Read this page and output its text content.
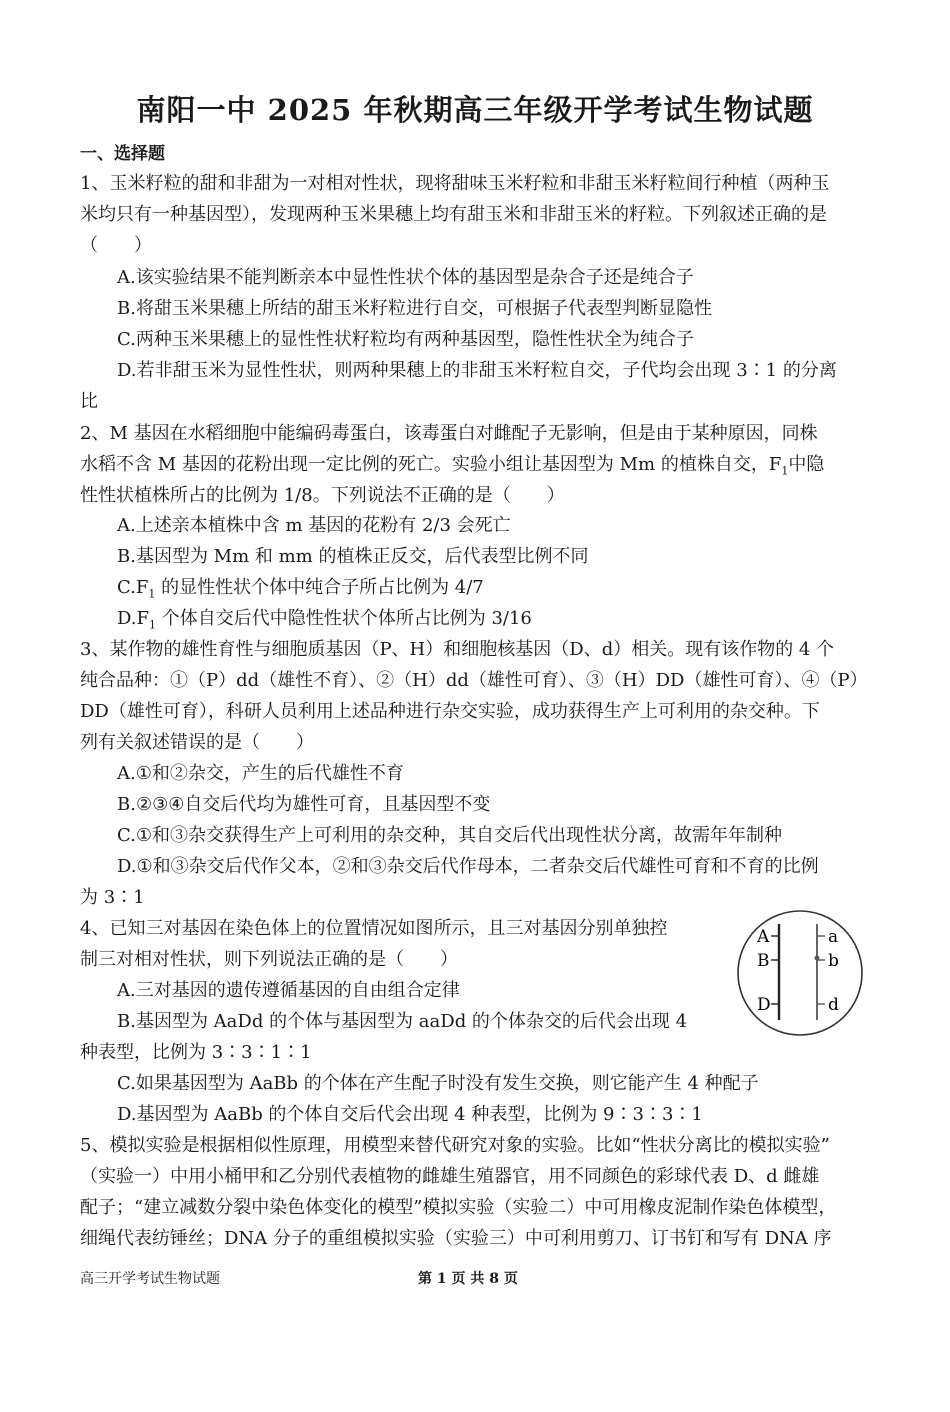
南阳一中 2025 年秋期高三年级开学考试生物试题
一、选择题
1、玉米籽粒的甜和非甜为一对相对性状，现将甜味玉米籽粒和非甜玉米籽粒间行种植（两种玉
米均只有一种基因型），发现两种玉米果穗上均有甜玉米和非甜玉米的籽粒。下列叙述正确的是
（　　）
A.该实验结果不能判断亲本中显性性状个体的基因型是杂合子还是纯合子
B.将甜玉米果穗上所结的甜玉米籽粒进行自交，可根据子代表型判断显隐性
C.两种玉米果穗上的显性性状籽粒均有两种基因型，隐性性状全为纯合子
D.若非甜玉米为显性性状，则两种果穗上的非甜玉米籽粒自交，子代均会出现 3∶1 的分离
比
2、M 基因在水稻细胞中能编码毒蛋白，该毒蛋白对雌配子无影响，但是由于某种原因，同株
水稻不含 M 基因的花粉出现一定比例的死亡。实验小组让基因型为 Mm 的植株自交，$F_1$中隐
性性状植株所占的比例为 1/8。下列说法不正确的是（　　）
A.上述亲本植株中含 m 基因的花粉有 2/3 会死亡
B.基因型为 Mm 和 mm 的植株正反交，后代表型比例不同
$C.F_1$ 的显性性状个体中纯合子所占比例为 4/7
$D.F_1$ 个体自交后代中隐性性状个体所占比例为 3/16
3、某作物的雄性育性与细胞质基因（P、H）和细胞核基因（D、d）相关。现有该作物的 4 个
纯合品种：①（P）dd（雄性不育）、②（H）dd（雄性可育）、③（H）DD（雄性可育）、④（P）
DD（雄性可育），科研人员利用上述品种进行杂交实验，成功获得生产上可利用的杂交种。下
列有关叙述错误的是（　　）
A.①和②杂交，产生的后代雄性不育
B.②③④自交后代均为雄性可育，且基因型不变
C.①和③杂交获得生产上可利用的杂交种，其自交后代出现性状分离，故需年年制种
D.①和③杂交后代作父本，②和③杂交后代作母本，二者杂交后代雄性可育和不育的比例
为 3∶1
4、已知三对基因在染色体上的位置情况如图所示，且三对基因分别单独控
制三对相对性状，则下列说法正确的是（　　）
A.三对基因的遗传遵循基因的自由组合定律
B.基因型为 AaDd 的个体与基因型为 aaDd 的个体杂交的后代会出现 4
种表型，比例为 3∶3∶1∶1
C.如果基因型为 AaBb 的个体在产生配子时没有发生交换，则它能产生 4 种配子
D.基因型为 AaBb 的个体自交后代会出现 4 种表型，比例为 9∶3∶3∶1
A
B
D
a
b
d
5、模拟实验是根据相似性原理，用模型来替代研究对象的实验。比如“性状分离比的模拟实验”
（实验一）中用小桶甲和乙分别代表植物的雌雄生殖器官，用不同颜色的彩球代表 D、d 雌雄
配子；“建立减数分裂中染色体变化的模型”模拟实验（实验二）中可用橡皮泥制作染色体模型，
细绳代表纺锤丝；DNA 分子的重组模拟实验（实验三）中可利用剪刀、订书钉和写有 DNA 序
高三开学考试生物试题	第 1 页 共 8 页
